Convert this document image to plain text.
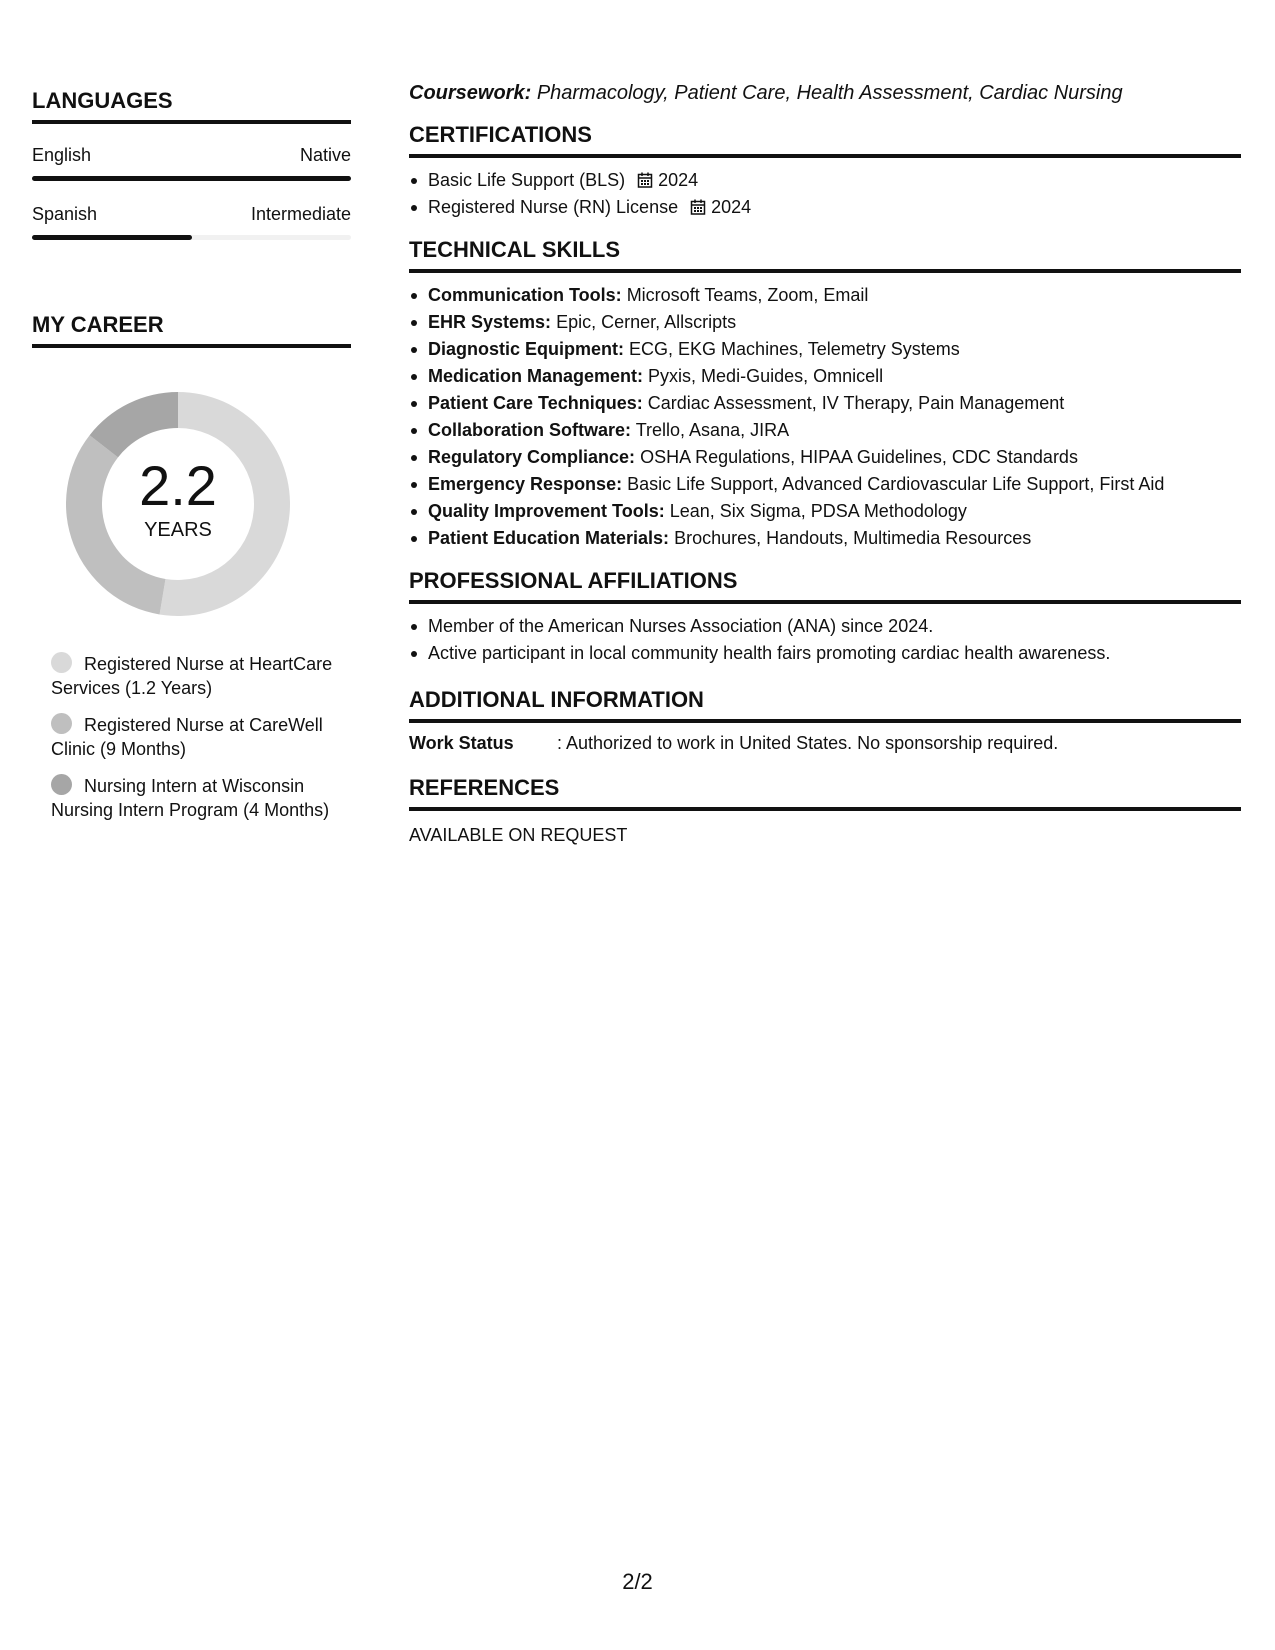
LANGUAGES
English	Native
Spanish	Intermediate
MY CAREER
2.2
YEARS
Registered Nurse at HeartCare Services (1.2 Years)
Registered Nurse at CareWell Clinic (9 Months)
Nursing Intern at Wisconsin Nursing Intern Program (4 Months)
Coursework: Pharmacology, Patient Care, Health Assessment, Cardiac Nursing
CERTIFICATIONS
Basic Life Support (BLS) 2024
Registered Nurse (RN) License 2024
TECHNICAL SKILLS
Communication Tools: Microsoft Teams, Zoom, Email
EHR Systems: Epic, Cerner, Allscripts
Diagnostic Equipment: ECG, EKG Machines, Telemetry Systems
Medication Management: Pyxis, Medi-Guides, Omnicell
Patient Care Techniques: Cardiac Assessment, IV Therapy, Pain Management
Collaboration Software: Trello, Asana, JIRA
Regulatory Compliance: OSHA Regulations, HIPAA Guidelines, CDC Standards
Emergency Response: Basic Life Support, Advanced Cardiovascular Life Support, First Aid
Quality Improvement Tools: Lean, Six Sigma, PDSA Methodology
Patient Education Materials: Brochures, Handouts, Multimedia Resources
PROFESSIONAL AFFILIATIONS
Member of the American Nurses Association (ANA) since 2024.
Active participant in local community health fairs promoting cardiac health awareness.
ADDITIONAL INFORMATION
Work Status	: Authorized to work in United States. No sponsorship required.
REFERENCES
AVAILABLE ON REQUEST
2/2
